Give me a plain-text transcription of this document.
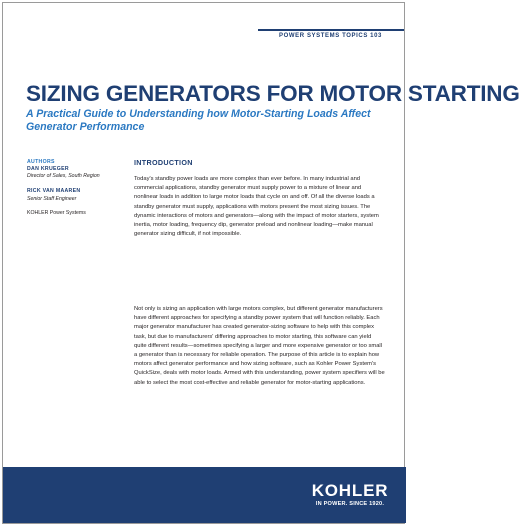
POWER SYSTEMS TOPICS 103
SIZING GENERATORS FOR MOTOR STARTING
A Practical Guide to Understanding how Motor-Starting Loads Affect Generator Performance
AUTHORS
DAN KRUEGER
Director of Sales, South Region
RICK VAN MAAREN
Senior Staff Engineer
KOHLER Power Systems
INTRODUCTION

Today's standby power loads are more complex than ever before. In many industrial and commercial applications, standby generator must supply power to a mixture of linear and nonlinear loads in addition to large motor loads that cycle on and off. Of all the diverse loads a standby generator must supply, applications with motors present the most sizing issues. The dynamic interactions of motors and generators—along with the impact of motor starters, system inertia, motor loading, frequency dip, generator preload and nonlinear loading—make manual generator sizing difficult, if not impossible.

Not only is sizing an application with large motors complex, but different generator manufacturers have different approaches for specifying a standby power system that will function reliably. Each major generator manufacturer has created generator-sizing software to help with this complex task, but due to manufacturers' differing approaches to motor starting, this software can yield quite different results—sometimes specifying a larger and more expensive generator or too small a generator than is necessary for reliable operation. The purpose of this article is to explain how motors affect generator performance and how sizing software, such as Kohler Power System's QuickSize, deals with motor loads. Armed with this understanding, power system specifiers will be able to select the most cost-effective and reliable generator for motor-starting applications.

KOHLER
IN POWER. SINCE 1920.
